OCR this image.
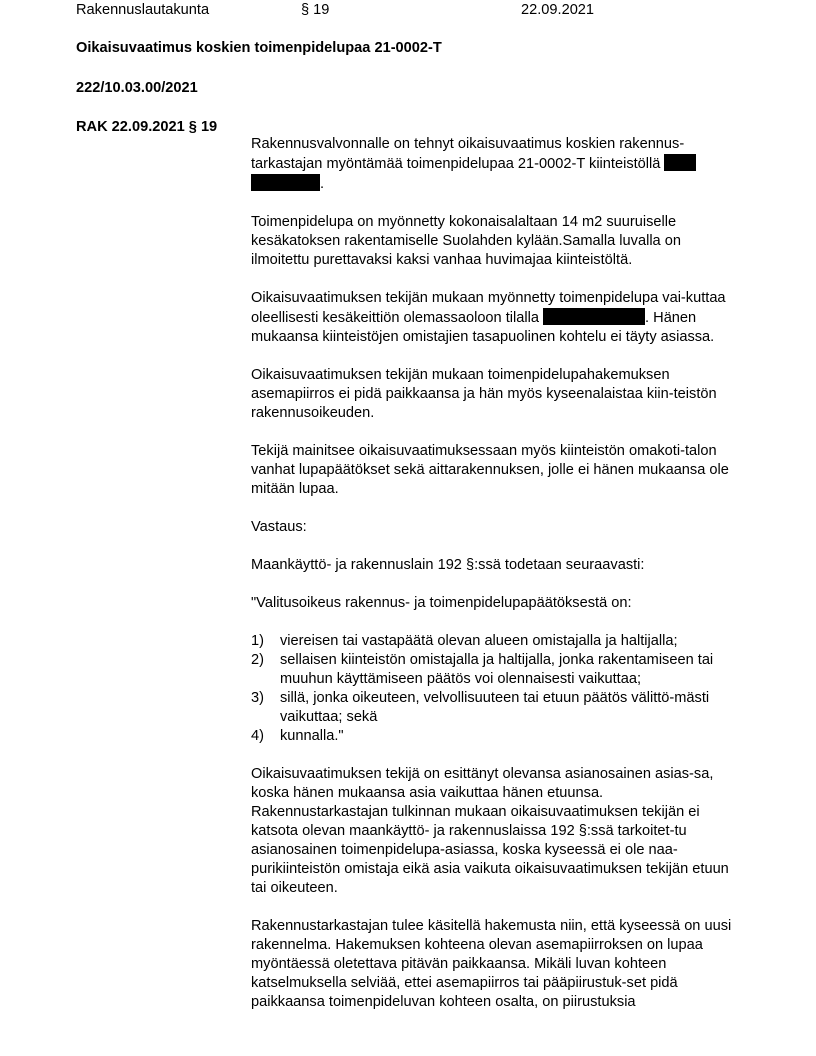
Rakennuslautakunta	§ 19	22.09.2021
Oikaisuvaatimus koskien toimenpidelupaa 21-0002-T
222/10.03.00/2021
RAK 22.09.2021 § 19

Rakennusvalvonnalle on tehnyt oikaisuvaatimus koskien rakennus-tarkastajan myöntämää toimenpidelupaa 21-0002-T kiinteistöllä  .

Toimenpidelupa on myönnetty kokonaisalaltaan 14 m2 suuruiselle kesäkatoksen rakentamiselle Suolahden kylään.Samalla luvalla on ilmoitettu purettavaksi kaksi vanhaa huvimajaa kiinteistöltä.

Oikaisuvaatimuksen tekijän mukaan myönnetty toimenpidelupa vai-kuttaa oleellisesti kesäkeittiön olemassaoloon tilalla	. Hänen mukaansa kiinteistöjen omistajien tasapuolinen kohtelu ei täyty asiassa.

Oikaisuvaatimuksen tekijän mukaan toimenpidelupahakemuksen asemapiirros ei pidä paikkaansa ja hän myös kyseenalaistaa kiin-teistön rakennusoikeuden.

Tekijä mainitsee oikaisuvaatimuksessaan myös kiinteistön omakoti-talon vanhat lupapäätökset sekä aittarakennuksen, jolle ei hänen mukaansa ole mitään lupaa.

Vastaus:

Maankäyttö- ja rakennuslain 192 §:ssä todetaan seuraavasti:

"Valitusoikeus rakennus- ja toimenpidelupapäätöksestä on:

1) viereisen tai vastapäätä olevan alueen omistajalla ja haltijalla;
2) sellaisen kiinteistön omistajalla ja haltijalla, jonka rakentamiseen tai muuhun käyttämiseen päätös voi olennaisesti vaikuttaa;
3) sillä, jonka oikeuteen, velvollisuuteen tai etuun päätös välittö-mästi vaikuttaa; sekä
4) kunnalla."

Oikaisuvaatimuksen tekijä on esittänyt olevansa asianosainen asias-sa, koska hänen mukaansa asia vaikuttaa hänen etuunsa. Rakennustarkastajan tulkinnan mukaan oikaisuvaatimuksen tekijän ei katsota olevan maankäyttö- ja rakennuslaissa 192 §:ssä tarkoitet-tu asianosainen toimenpidelupa-asiassa, koska kyseessä ei ole naa-purikiinteistön omistaja eikä asia vaikuta oikaisuvaatimuksen tekijän etuun tai oikeuteen.

Rakennustarkastajan tulee käsitellä hakemusta niin, että kyseessä on uusi rakennelma. Hakemuksen kohteena olevan asemapiirroksen on lupaa myöntäessä oletettava pitävän paikkaansa. Mikäli luvan kohteen katselmuksella selviää, ettei asemapiirros tai pääpiirustuk-set pidä paikkaansa toimenpideluvan kohteen osalta, on piirustuksia
